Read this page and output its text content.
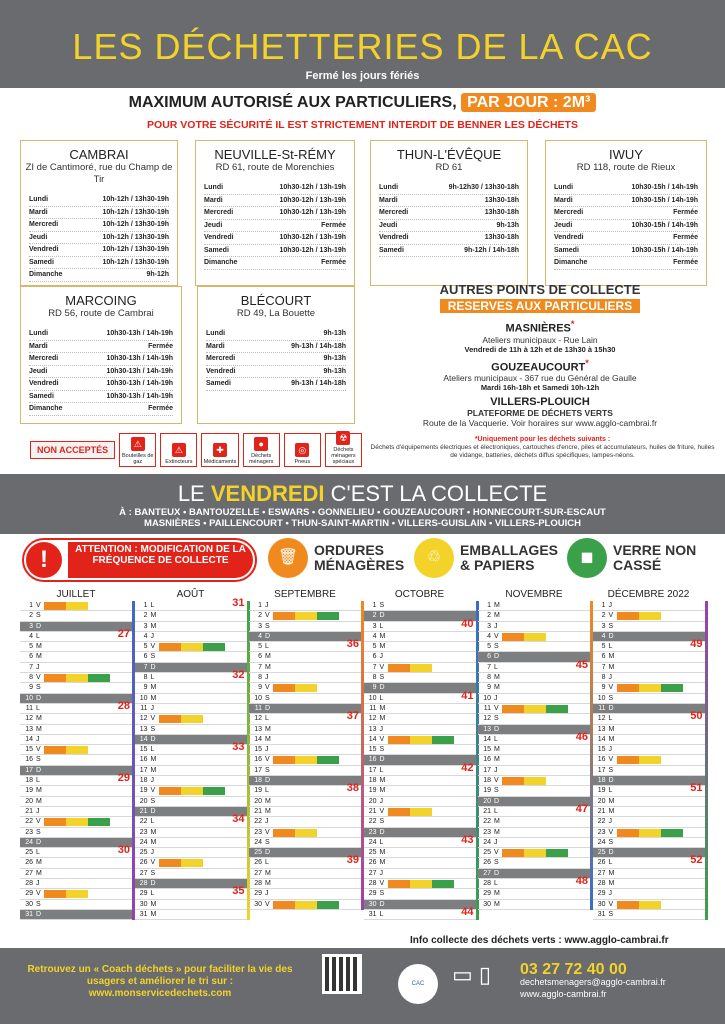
LES DÉCHETTERIES DE LA CAC
Fermé les jours fériés
MAXIMUM AUTORISÉ AUX PARTICULIERS, PAR JOUR : 2M³
POUR VOTRE SÉCURITÉ IL EST STRICTEMENT INTERDIT DE BENNER LES DÉCHETS
CAMBRAI
ZI de Cantimoré, rue du Champ de Tir
Lundi	10h-12h / 13h30-19h
Mardi	10h-12h / 13h30-19h
Mercredi	10h-12h / 13h30-19h
Jeudi	10h-12h / 13h30-19h
Vendredi	10h-12h / 13h30-19h
Samedi	10h-12h / 13h30-19h
Dimanche	9h-12h
NEUVILLE-St-RÉMY
RD 61, route de Morenchies
Lundi	10h30-12h / 13h-19h
Mardi	10h30-12h / 13h-19h
Mercredi	10h30-12h / 13h-19h
Jeudi	Fermée
Vendredi	10h30-12h / 13h-19h
Samedi	10h30-12h / 13h-19h
Dimanche	Fermée
THUN-L'ÉVÊQUE
RD 61
Lundi	9h-12h30 / 13h30-18h
Mardi	13h30-18h
Mercredi	13h30-18h
Jeudi	9h-13h
Vendredi	13h30-18h
Samedi	9h-12h / 14h-18h
IWUY
RD 118, route de Rieux
Lundi	10h30-15h / 14h-19h
Mardi	10h30-15h / 14h-19h
Mercredi	Fermée
Jeudi	10h30-15h / 14h-19h
Vendredi	Fermée
Samedi	10h30-15h / 14h-19h
Dimanche	Fermée
MARCOING
RD 56, route de Cambrai
Lundi	10h30-13h / 14h-19h
Mardi	Fermée
Mercredi	10h30-13h / 14h-19h
Jeudi	10h30-13h / 14h-19h
Vendredi	10h30-13h / 14h-19h
Samedi	10h30-13h / 14h-19h
Dimanche	Fermée
BLÉCOURT
RD 49, La Bouette
Lundi	9h-13h
Mardi	9h-13h / 14h-18h
Mercredi	9h-13h
Vendredi	9h-13h
Samedi	9h-13h / 14h-18h
AUTRES POINTS DE COLLECTE
RESERVES AUX PARTICULIERS
MASNIÈRES*
Ateliers municipaux - Rue Lain
Vendredi de 11h à 12h et de 13h30 à 15h30
GOUZEAUCOURT*
Ateliers municipaux - 367 rue du Général de Gaulle
Mardi 16h-18h et Samedi 10h-12h
VILLERS-PLOUICH
PLATEFORME DE DÉCHETS VERTS
Route de la Vacquerie. Voir horaires sur www.agglo-cambrai.fr
*Uniquement pour les déchets suivants :
Déchets d'équipements électriques et électroniques, cartouches d'encre, piles et accumulateurs, huiles de friture, huiles de vidange, batteries, déchets diffus spécifiques, lampes-néons.
NON ACCEPTÉS
⚠
Bouteilles de gaz
⚠
Extincteurs
✚
Médicaments
●
Déchets ménagers
◎
Pneus
☢
Déchets ménagers spéciaux
LE VENDREDI C'EST LA COLLECTE
À : BANTEUX • BANTOUZELLE • ESWARS • GONNELIEU • GOUZEAUCOURT • HONNECOURT-SUR-ESCAUT
MASNIÈRES • PAILLENCOURT • THUN-SAINT-MARTIN • VILLERS-GUISLAIN • VILLERS-PLOUICH
!	ATTENTION : MODIFICATION DE LA FRÉQUENCE DE COLLECTE	🗑	ORDURES MÉNAGÈRES	♲	EMBALLAGES & PAPIERS	◼	VERRE NON CASSÉ
JUILLET
1 V
2 S
3 D
4 L	27
5 M
6 M
7 J
8 V
9 S
10 D
11 L	28
12 M
13 M
14 J
15 V
16 S
17 D
18 L	29
19 M
20 M
21 J
22 V
23 S
24 D
25 L	30
26 M
27 M
28 J
29 V
30 S
31 D
AOÛT
1 L	31
2 M
3 M
4 J
5 V
6 S
7 D
8 L	32
9 M
10 M
11 J
12 V
13 S
14 D
15 L	33
16 M
17 M
18 J
19 V
20 S
21 D
22 L	34
23 M
24 M
25 J
26 V
27 S
28 D
29 L	35
30 M
31 M
SEPTEMBRE
1 J
2 V
3 S
4 D
5 L	36
6 M
7 M
8 J
9 V
10 S
11 D
12 L	37
13 M
14 M
15 J
16 V
17 S
18 D
19 L	38
20 M
21 M
22 J
23 V
24 S
25 D
26 L	39
27 M
28 M
29 J
30 V
OCTOBRE
1 S
2 D
3 L	40
4 M
5 M
6 J
7 V
8 S
9 D
10 L	41
11 M
12 M
13 J
14 V
15 S
16 D
17 L	42
18 M
19 M
20 J
21 V
22 S
23 D
24 L	43
25 M
26 M
27 J
28 V
29 S
30 D
31 L	44
NOVEMBRE
1 M
2 M
3 J
4 V
5 S
6 D
7 L	45
8 M
9 M
10 J
11 V
12 S
13 D
14 L	46
15 M
16 M
17 J
18 V
19 S
20 D
21 L	47
22 M
23 M
24 J
25 V
26 S
27 D
28 L	48
29 M
30 M
DÉCEMBRE 2022
1 J
2 V
3 S
4 D
5 L	49
6 M
7 M
8 J
9 V
10 S
11 D
12 L	50
13 M
14 M
15 J
16 V
17 S
18 D
19 L	51
20 M
21 M
22 J
23 V
24 S
25 D
26 L	52
27 M
28 M
29 J
30 V
31 S
Info collecte des déchets verts : www.agglo-cambrai.fr
Retrouvez un « Coach déchets » pour faciliter la vie des usagers et améliorer le tri sur : www.monservicedechets.com
CAC	▭ ▯	03 27 72 40 00
dechetsmenagers@agglo-cambrai.fr
www.agglo-cambrai.fr
